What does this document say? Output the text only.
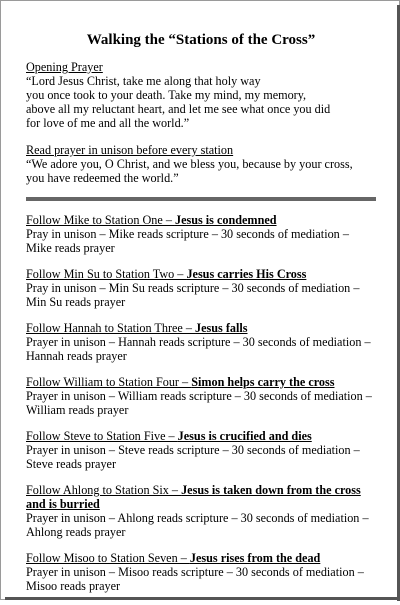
Walking the “Stations of the Cross”

Opening Prayer

“Lord Jesus Christ, take me along that holy way

you once took to your death. Take my mind, my memory,

above all my reluctant heart, and let me see what once you did

for love of me and all the world.”

Read prayer in unison before every station

“We adore you, O Christ, and we bless you, because by your cross,

you have redeemed the world.”

Follow Mike to Station One – Jesus is condemned
Pray in unison – Mike reads scripture – 30 seconds of mediation –
Mike reads prayer
Follow Min Su to Station Two – Jesus carries His Cross
Pray in unison – Min Su reads scripture – 30 seconds of mediation –
Min Su reads prayer
Follow Hannah to Station Three – Jesus falls
Prayer in unison – Hannah reads scripture – 30 seconds of mediation –
Hannah reads prayer
Follow William to Station Four – Simon helps carry the cross
Prayer in unison – William reads scripture – 30 seconds of mediation –
William reads prayer
Follow Steve to Station Five – Jesus is crucified and dies
Prayer in unison – Steve reads scripture – 30 seconds of mediation –
Steve reads prayer
Follow Ahlong to Station Six – Jesus is taken down from the cross and is burried
Prayer in unison – Ahlong reads scripture – 30 seconds of mediation –
Ahlong reads prayer
Follow Misoo to Station Seven – Jesus rises from the dead
Prayer in unison – Misoo reads scripture – 30 seconds of mediation –
Misoo reads prayer
